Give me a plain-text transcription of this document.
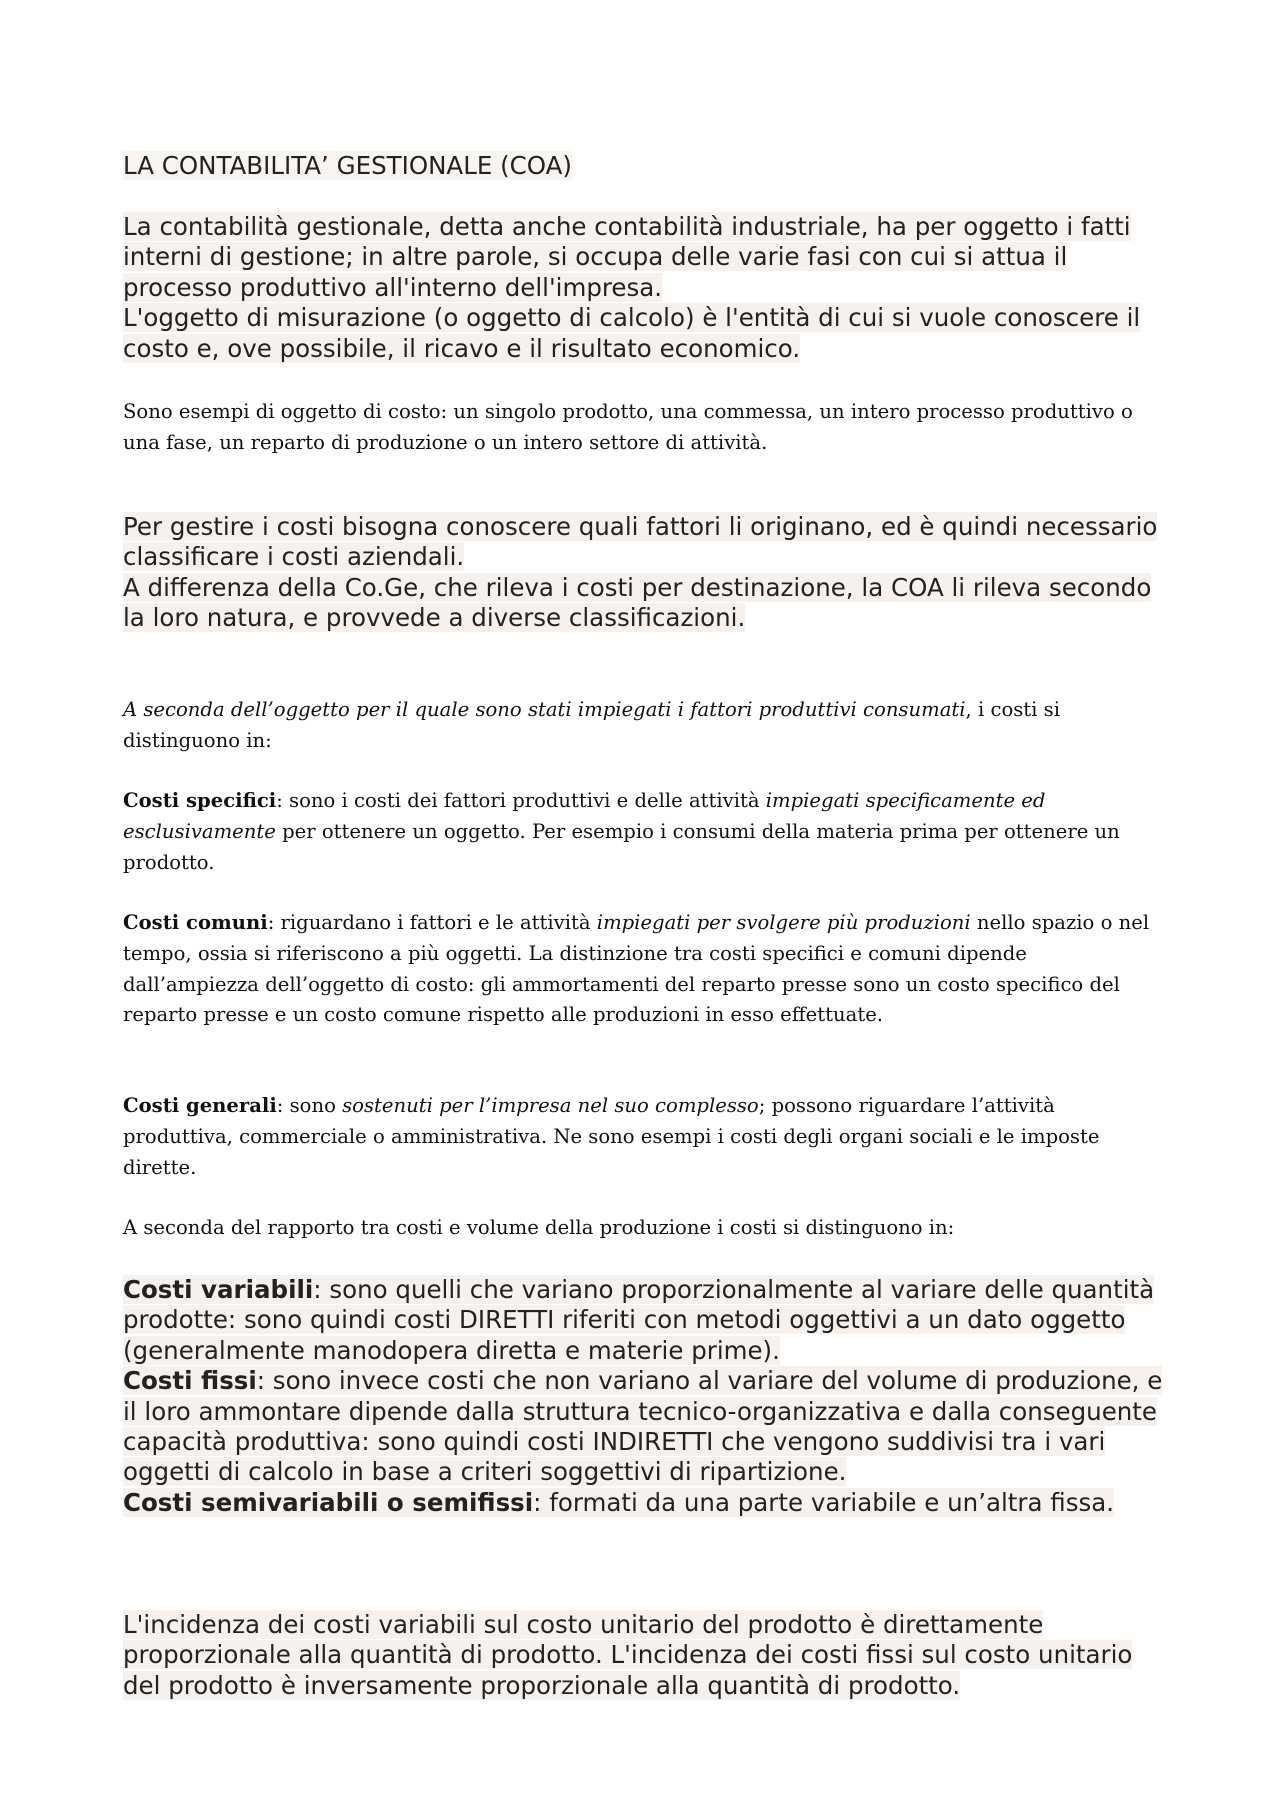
LA CONTABILITA’ GESTIONALE (COA)

La contabilità gestionale, detta anche contabilità industriale, ha per oggetto i fatti interni di gestione; in altre parole, si occupa delle varie fasi con cui si attua il processo produttivo all'interno dell'impresa.
L'oggetto di misurazione (o oggetto di calcolo) è l'entità di cui si vuole conoscere il costo e, ove possibile, il ricavo e il risultato economico.

Sono esempi di oggetto di costo: un singolo prodotto, una commessa, un intero processo produttivo o una fase, un reparto di produzione o un intero settore di attività.

Per gestire i costi bisogna conoscere quali fattori li originano, ed è quindi necessario classificare i costi aziendali.
A differenza della Co.Ge, che rileva i costi per destinazione, la COA li rileva secondo la loro natura, e provvede a diverse classificazioni.

A seconda dell’oggetto per il quale sono stati impiegati i fattori produttivi consumati, i costi si distinguono in:

Costi specifici: sono i costi dei fattori produttivi e delle attività impiegati specificamente ed esclusivamente per ottenere un oggetto. Per esempio i consumi della materia prima per ottenere un prodotto.

Costi comuni: riguardano i fattori e le attività impiegati per svolgere più produzioni nello spazio o nel tempo, ossia si riferiscono a più oggetti. La distinzione tra costi specifici e comuni dipende dall’ampiezza dell’oggetto di costo: gli ammortamenti del reparto presse sono un costo specifico del reparto presse e un costo comune rispetto alle produzioni in esso effettuate.

Costi generali: sono sostenuti per l’impresa nel suo complesso; possono riguardare l’attività produttiva, commerciale o amministrativa. Ne sono esempi i costi degli organi sociali e le imposte dirette.

A seconda del rapporto tra costi e volume della produzione i costi si distinguono in:

Costi variabili: sono quelli che variano proporzionalmente al variare delle quantità prodotte: sono quindi costi DIRETTI riferiti con metodi oggettivi a un dato oggetto (generalmente manodopera diretta e materie prime).
Costi fissi: sono invece costi che non variano al variare del volume di produzione, e il loro ammontare dipende dalla struttura tecnico-organizzativa e dalla conseguente capacità produttiva: sono quindi costi INDIRETTI che vengono suddivisi tra i vari oggetti di calcolo in base a criteri soggettivi di ripartizione.
Costi semivariabili o semifissi: formati da una parte variabile e un’altra fissa.

L'incidenza dei costi variabili sul costo unitario del prodotto è direttamente proporzionale alla quantità di prodotto. L'incidenza dei costi fissi sul costo unitario del prodotto è inversamente proporzionale alla quantità di prodotto.
